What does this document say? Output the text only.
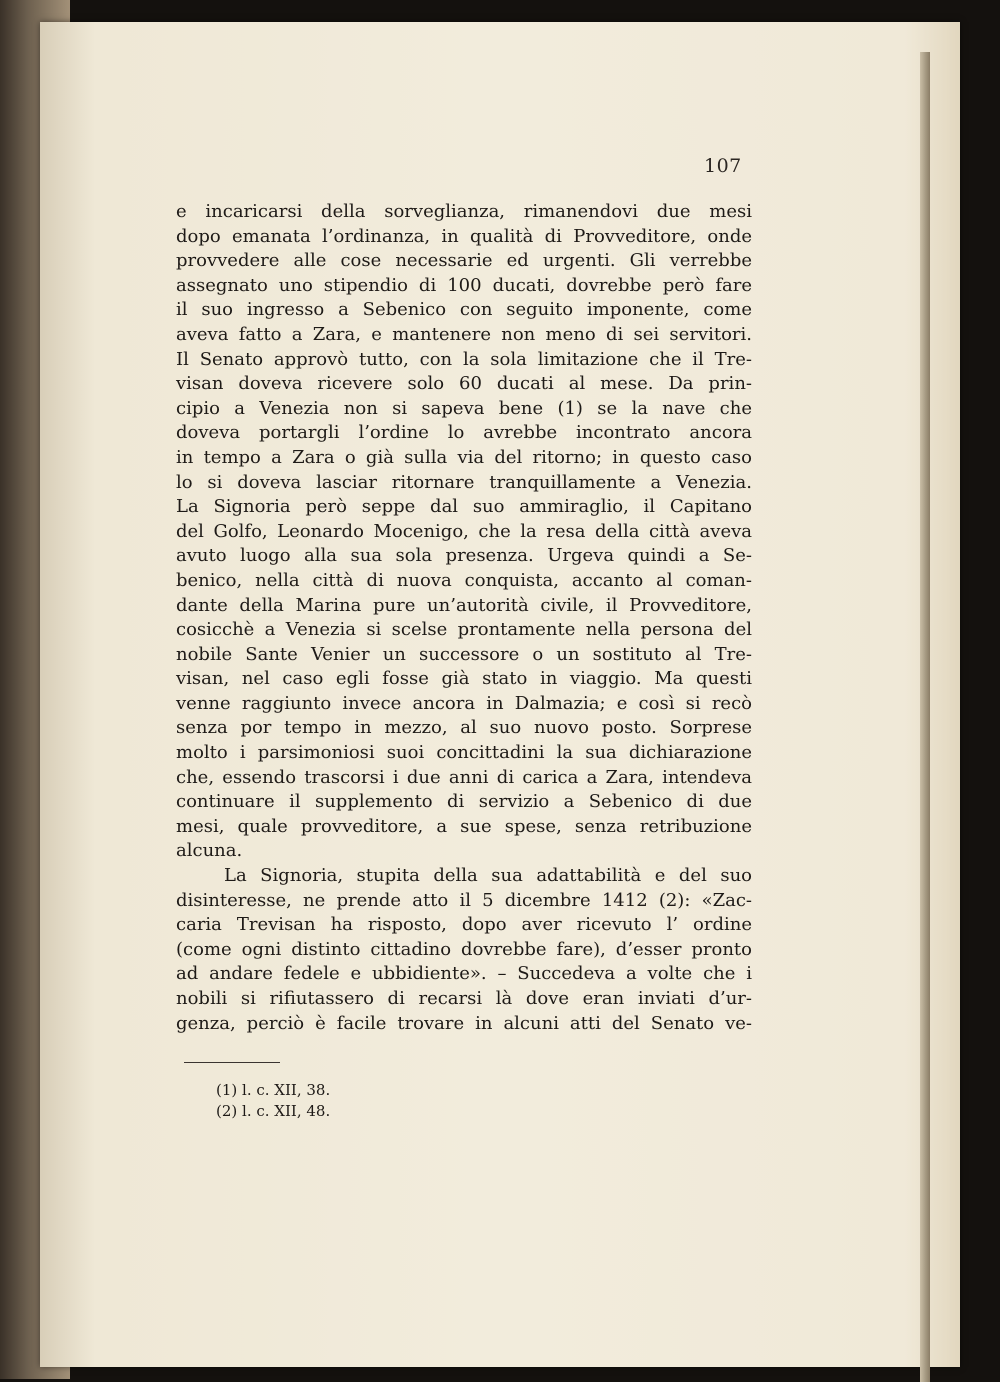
107
e incaricarsi della sorveglianza, rimanendovi due mesi
dopo emanata l’ordinanza, in qualità di Provveditore, onde
provvedere alle cose necessarie ed urgenti. Gli verrebbe
assegnato uno stipendio di 100 ducati, dovrebbe però fare
il suo ingresso a Sebenico con seguito imponente, come
aveva fatto a Zara, e mantenere non meno di sei servitori.
Il Senato approvò tutto, con la sola limitazione che il Tre-
visan doveva ricevere solo 60 ducati al mese. Da prin-
cipio a Venezia non si sapeva bene (1) se la nave che
doveva portargli l’ordine lo avrebbe incontrato ancora
in tempo a Zara o già sulla via del ritorno; in questo caso
lo si doveva lasciar ritornare tranquillamente a Venezia.
La Signoria però seppe dal suo ammiraglio, il Capitano
del Golfo, Leonardo Mocenigo, che la resa della città aveva
avuto luogo alla sua sola presenza. Urgeva quindi a Se-
benico, nella città di nuova conquista, accanto al coman-
dante della Marina pure un’autorità civile, il Provveditore,
cosicchè a Venezia si scelse prontamente nella persona del
nobile Sante Venier un successore o un sostituto al Tre-
visan, nel caso egli fosse già stato in viaggio. Ma questi
venne raggiunto invece ancora in Dalmazia; e così si recò
senza por tempo in mezzo, al suo nuovo posto. Sorprese
molto i parsimoniosi suoi concittadini la sua dichiarazione
che, essendo trascorsi i due anni di carica a Zara, intendeva
continuare il supplemento di servizio a Sebenico di due
mesi, quale provveditore, a sue spese, senza retribuzione
alcuna.
La Signoria, stupita della sua adattabilità e del suo
disinteresse, ne prende atto il 5 dicembre 1412 (2): «Zac-
caria Trevisan ha risposto, dopo aver ricevuto l’ ordine
(come ogni distinto cittadino dovrebbe fare), d’esser pronto
ad andare fedele e ubbidiente». – Succedeva a volte che i
nobili si rifiutassero di recarsi là dove eran inviati d’ur-
genza, perciò è facile trovare in alcuni atti del Senato ve-
(1) l. c. XII, 38.
(2) l. c. XII, 48.
